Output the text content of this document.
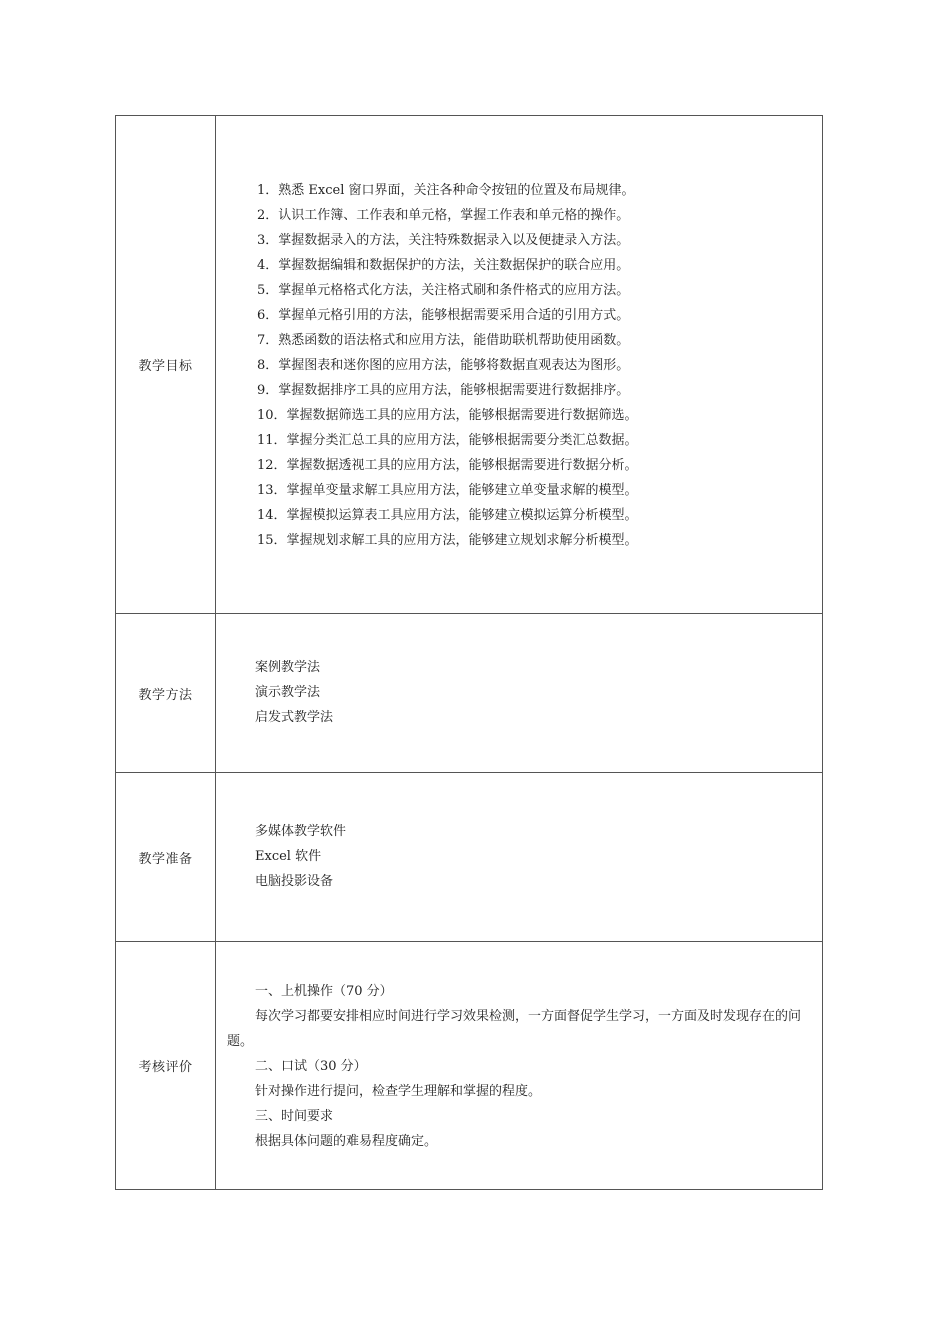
教学目标
1．熟悉 Excel 窗口界面，关注各种命令按钮的位置及布局规律。
2．认识工作簿、工作表和单元格，掌握工作表和单元格的操作。
3．掌握数据录入的方法，关注特殊数据录入以及便捷录入方法。
4．掌握数据编辑和数据保护的方法，关注数据保护的联合应用。
5．掌握单元格格式化方法，关注格式刷和条件格式的应用方法。
6．掌握单元格引用的方法，能够根据需要采用合适的引用方式。
7．熟悉函数的语法格式和应用方法，能借助联机帮助使用函数。
8．掌握图表和迷你图的应用方法，能够将数据直观表达为图形。
9．掌握数据排序工具的应用方法，能够根据需要进行数据排序。
10．掌握数据筛选工具的应用方法，能够根据需要进行数据筛选。
11．掌握分类汇总工具的应用方法，能够根据需要分类汇总数据。
12．掌握数据透视工具的应用方法，能够根据需要进行数据分析。
13．掌握单变量求解工具应用方法，能够建立单变量求解的模型。
14．掌握模拟运算表工具应用方法，能够建立模拟运算分析模型。
15．掌握规划求解工具的应用方法，能够建立规划求解分析模型。
教学方法
案例教学法
演示教学法
启发式教学法
教学准备
多媒体教学软件
Excel 软件
电脑投影设备
考核评价

一、上机操作（70 分）

每次学习都要安排相应时间进行学习效果检测，一方面督促学生学习，一方面及时发现存在的问题。

二、口试（30 分）

针对操作进行提问，检查学生理解和掌握的程度。

三、时间要求

根据具体问题的难易程度确定。
